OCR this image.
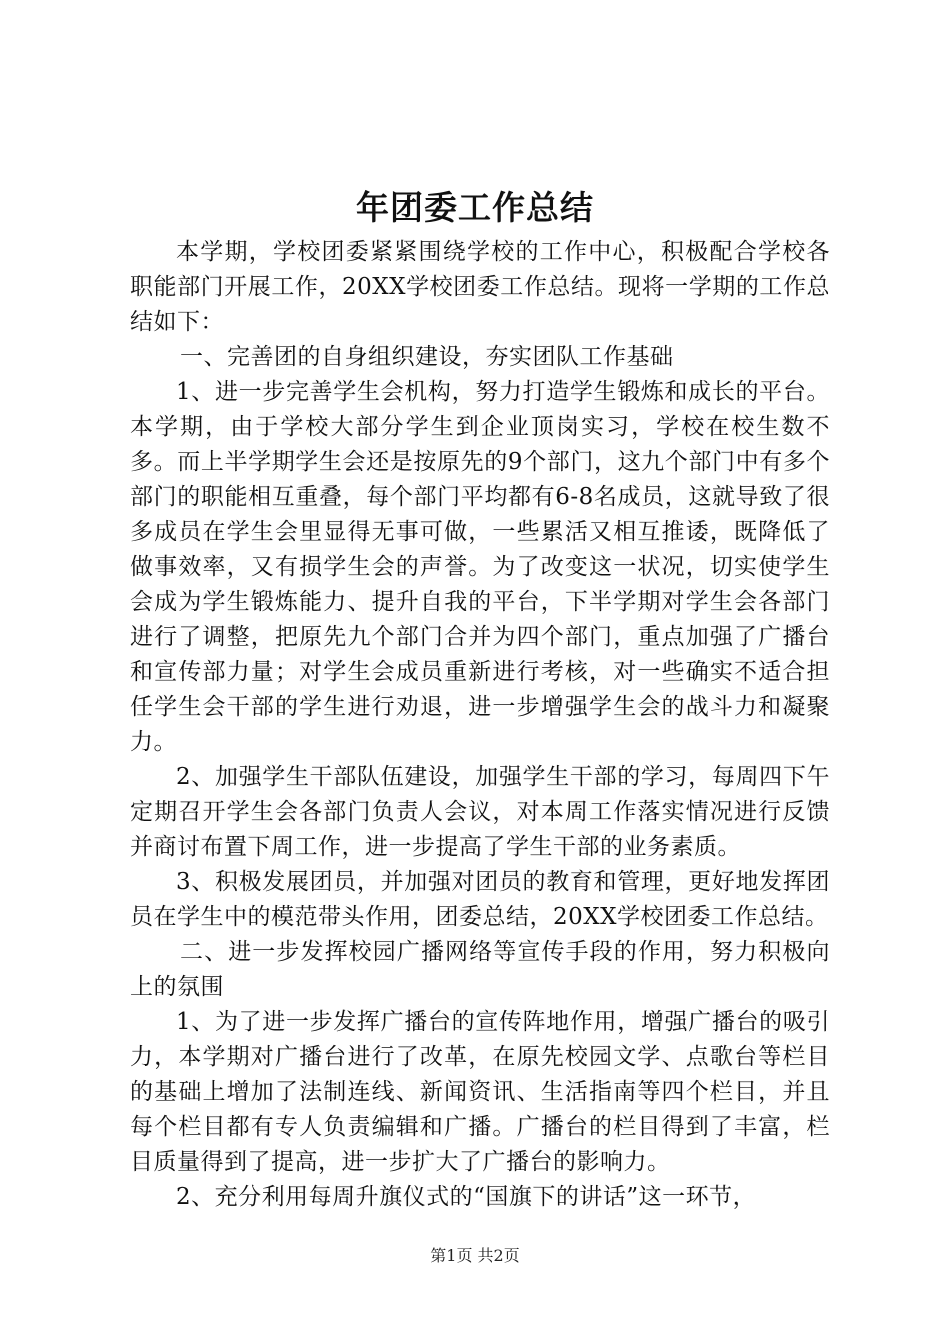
年团委工作总结

本学期，学校团委紧紧围绕学校的工作中心，积极配合学校各职能部门开展工作，20XX学校团委工作总结。现将一学期的工作总结如下：

一、完善团的自身组织建设，夯实团队工作基础

1、进一步完善学生会机构，努力打造学生锻炼和成长的平台。本学期，由于学校大部分学生到企业顶岗实习，学校在校生数不多。而上半学期学生会还是按原先的9个部门，这九个部门中有多个部门的职能相互重叠，每个部门平均都有6-8名成员，这就导致了很多成员在学生会里显得无事可做，一些累活又相互推诿，既降低了做事效率，又有损学生会的声誉。为了改变这一状况，切实使学生会成为学生锻炼能力、提升自我的平台，下半学期对学生会各部门进行了调整，把原先九个部门合并为四个部门，重点加强了广播台和宣传部力量；对学生会成员重新进行考核，对一些确实不适合担任学生会干部的学生进行劝退，进一步增强学生会的战斗力和凝聚力。

2、加强学生干部队伍建设，加强学生干部的学习，每周四下午定期召开学生会各部门负责人会议，对本周工作落实情况进行反馈并商讨布置下周工作，进一步提高了学生干部的业务素质。

3、积极发展团员，并加强对团员的教育和管理，更好地发挥团员在学生中的模范带头作用，团委总结，20XX学校团委工作总结。

二、进一步发挥校园广播网络等宣传手段的作用，努力积极向上的氛围

1、为了进一步发挥广播台的宣传阵地作用，增强广播台的吸引力，本学期对广播台进行了改革，在原先校园文学、点歌台等栏目的基础上增加了法制连线、新闻资讯、生活指南等四个栏目，并且每个栏目都有专人负责编辑和广播。广播台的栏目得到了丰富，栏目质量得到了提高，进一步扩大了广播台的影响力。

2、充分利用每周升旗仪式的“国旗下的讲话”这一环节，

第1页 共2页
